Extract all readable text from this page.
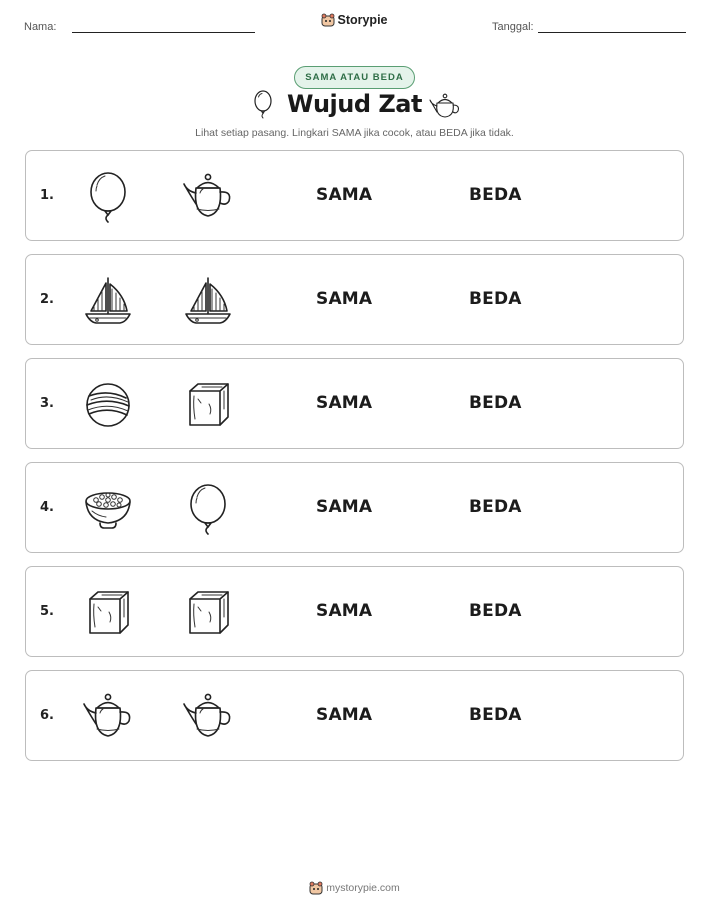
Nama:	Storypie	Tanggal:
SAMA ATAU BEDA
Wujud Zat
Lihat setiap pasang. Lingkari SAMA jika cocok, atau BEDA jika tidak.
1.	SAMA	BEDA
2.	SAMA	BEDA
3.	SAMA	BEDA
4.	SAMA	BEDA
5.	SAMA	BEDA
6.	SAMA	BEDA
mystorypie.com
